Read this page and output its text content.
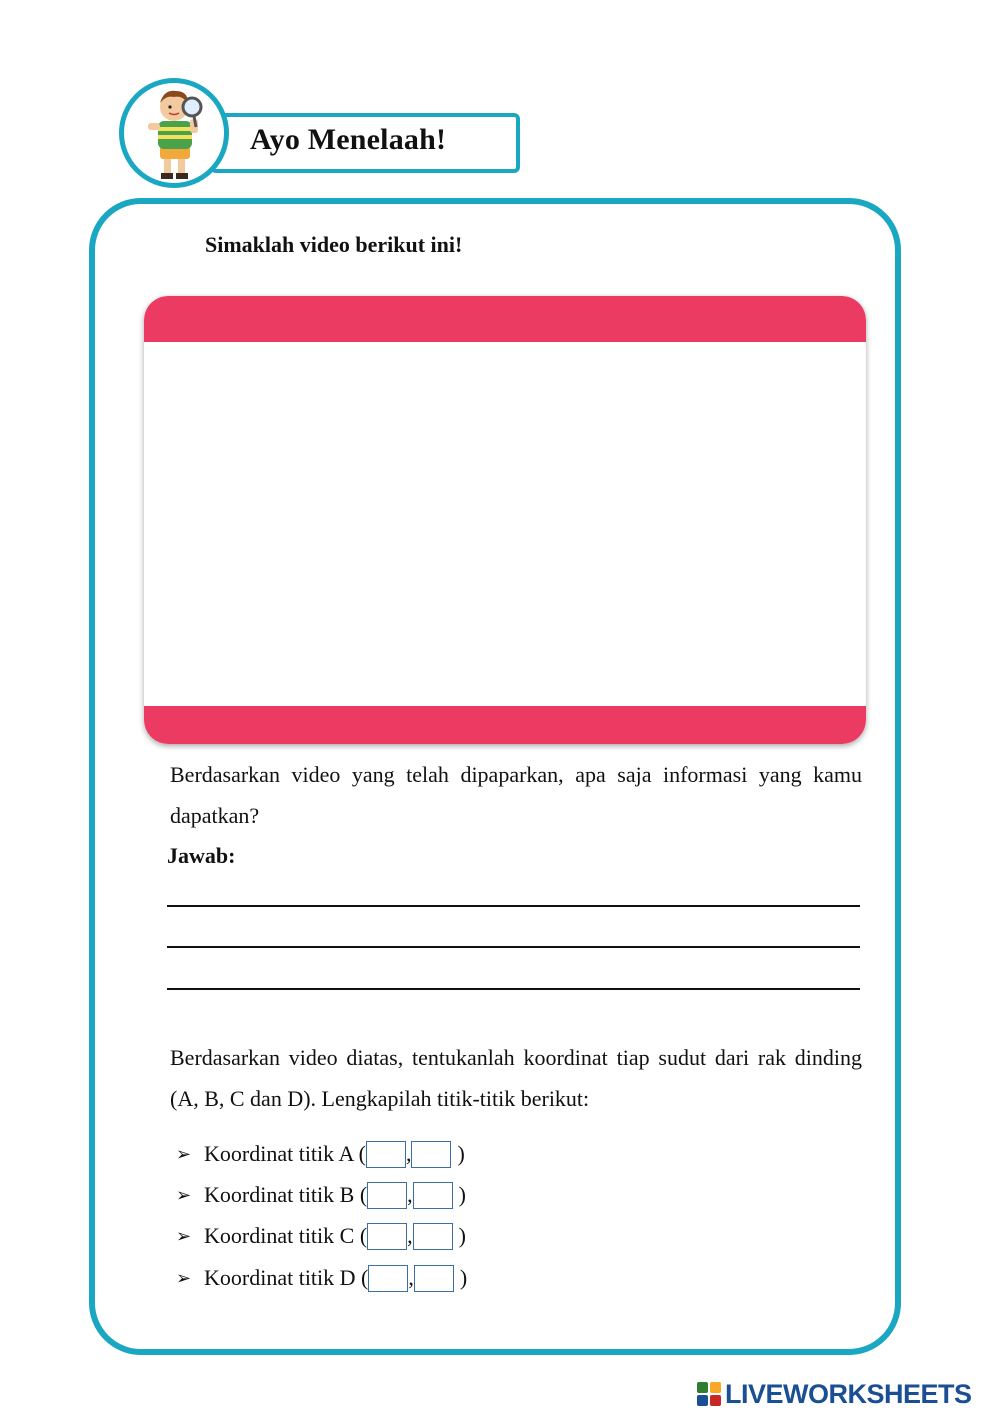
Ayo Menelaah!
Simaklah video berikut ini!
Berdasarkan video yang telah dipaparkan, apa saja informasi yang kamu dapatkan?
Jawab:
Berdasarkan video diatas, tentukanlah koordinat tiap sudut dari rak dinding (A, B, C dan D). Lengkapilah titik-titik berikut:
➢ Koordinat titik A ( , )
➢ Koordinat titik B ( , )
➢ Koordinat titik C ( , )
➢ Koordinat titik D ( , )
LIVEWORKSHEETS
